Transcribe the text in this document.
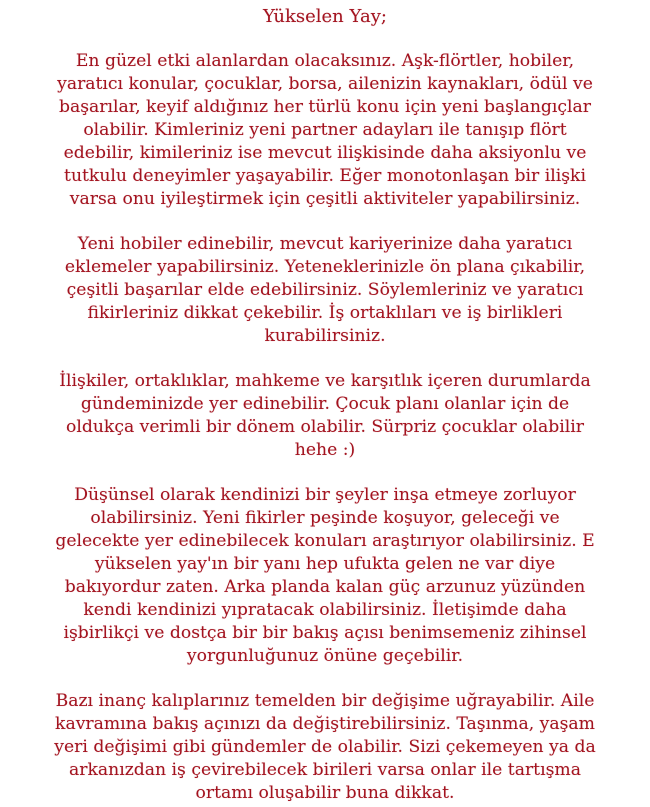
Yükselen Yay;
En güzel etki alanlardan olacaksınız. Aşk-flörtler, hobiler,
yaratıcı konular, çocuklar, borsa, ailenizin kaynakları, ödül ve
başarılar, keyif aldığınız her türlü konu için yeni başlangıçlar
olabilir. Kimleriniz yeni partner adayları ile tanışıp flört
edebilir, kimileriniz ise mevcut ilişkisinde daha aksiyonlu ve
tutkulu deneyimler yaşayabilir. Eğer monotonlaşan bir ilişki
varsa onu iyileştirmek için çeşitli aktiviteler yapabilirsiniz.
Yeni hobiler edinebilir, mevcut kariyerinize daha yaratıcı
eklemeler yapabilirsiniz. Yeteneklerinizle ön plana çıkabilir,
çeşitli başarılar elde edebilirsiniz. Söylemleriniz ve yaratıcı
fikirleriniz dikkat çekebilir. İş ortaklıları ve iş birlikleri
kurabilirsiniz.
İlişkiler, ortaklıklar, mahkeme ve karşıtlık içeren durumlarda
gündeminizde yer edinebilir. Çocuk planı olanlar için de
oldukça verimli bir dönem olabilir. Sürpriz çocuklar olabilir
hehe :)
Düşünsel olarak kendinizi bir şeyler inşa etmeye zorluyor
olabilirsiniz. Yeni fikirler peşinde koşuyor, geleceği ve
gelecekte yer edinebilecek konuları araştırıyor olabilirsiniz. E
yükselen yay'ın bir yanı hep ufukta gelen ne var diye
bakıyordur zaten. Arka planda kalan güç arzunuz yüzünden
kendi kendinizi yıpratacak olabilirsiniz. İletişimde daha
işbirlikçi ve dostça bir bir bakış açısı benimsemeniz zihinsel
yorgunluğunuz önüne geçebilir.
Bazı inanç kalıplarınız temelden bir değişime uğrayabilir. Aile
kavramına bakış açınızı da değiştirebilirsiniz. Taşınma, yaşam
yeri değişimi gibi gündemler de olabilir. Sizi çekemeyen ya da
arkanızdan iş çevirebilecek birileri varsa onlar ile tartışma
ortamı oluşabilir buna dikkat.
